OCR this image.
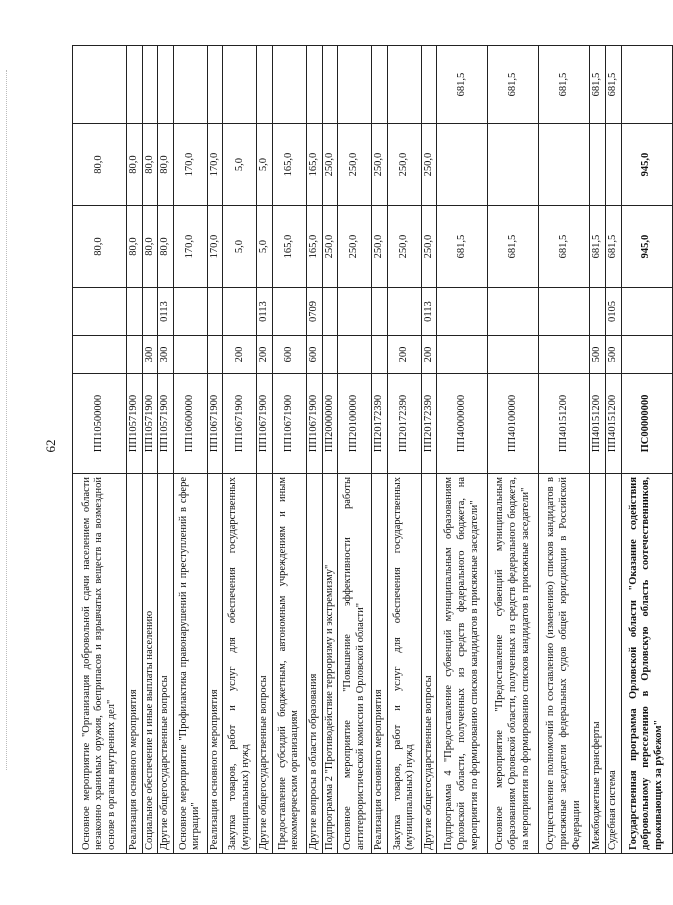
62
Основное мероприятие "Организация добровольной сдачи населением области незаконно хранимых оружия, боеприпасов и взрывчатых веществ на возмездной основе в органы внутренних дел"	ПП10500000			80,0	80,0	
Реализация основного мероприятия	ПП10571900			80,0	80,0	
Социальное обеспечение и иные выплаты населению	ПП10571900	300		80,0	80,0	
Другие общегосударственные вопросы	ПП10571900	300	0113	80,0	80,0	
Основное мероприятие "Профилактика правонарушений и преступлений в сфере миграции"	ПП10600000			170,0	170,0	
Реализация основного мероприятия	ПП10671900			170,0	170,0	
Закупка товаров, работ и услуг для обеспечения государственных (муниципальных) нужд	ПП10671900	200		5,0	5,0	
Другие общегосударственные вопросы	ПП10671900	200	0113	5,0	5,0	
Предоставление субсидий бюджетным, автономным учреждениям и иным некоммерческим организациям	ПП10671900	600		165,0	165,0	
Другие вопросы в области образования	ПП10671900	600	0709	165,0	165,0	
Подпрограмма 2 "Противодействие терроризму и экстремизму"	ПП20000000			250,0	250,0	
Основное мероприятие "Повышение эффективности работы антитеррористической комиссии в Орловской области"	ПП20100000			250,0	250,0	
Реализация основного мероприятия	ПП20172390			250,0	250,0	
Закупка товаров, работ и услуг для обеспечения государственных (муниципальных) нужд	ПП20172390	200		250,0	250,0	
Другие общегосударственные вопросы	ПП20172390	200	0113	250,0	250,0	
Подпрограмма 4 "Предоставление субвенций муниципальным образованиям Орловской области, полученных из средств федерального бюджета, на мероприятия по формированию списков кандидатов в присяжные заседатели"	ПП40000000			681,5		681,5
Основное мероприятие "Предоставление субвенций муниципальным образованиям Орловской области, полученных из средств федерального бюджета, на мероприятия по формированию списков кандидатов в присяжные заседатели"	ПП40100000			681,5		681,5
Осуществление полномочий по составлению (изменению) списков кандидатов в присяжные заседатели федеральных судов общей юрисдикции в Российской Федерации	ПП40151200			681,5		681,5
Межбюджетные трансферты	ПП40151200	500		681,5		681,5
Судебная система	ПП40151200	500	0105	681,5		681,5
Государственная программа Орловской области "Оказание содействия добровольному переселению в Орловскую область соотечественников, проживающих за рубежом"	ПС00000000			945,0	945,0	
